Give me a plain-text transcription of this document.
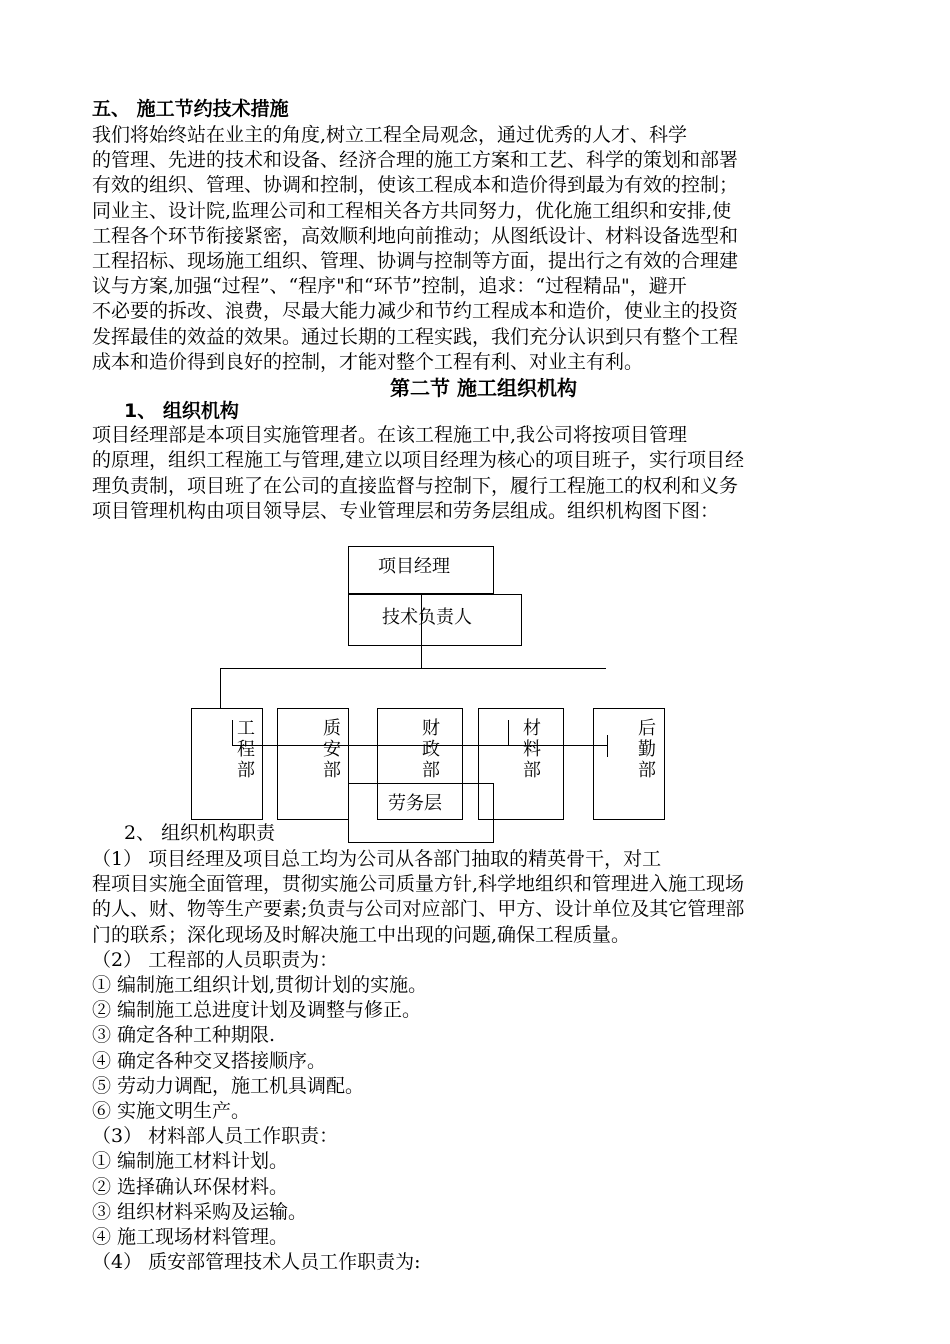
五、 施工节约技术措施
我们将始终站在业主的角度,树立工程全局观念，通过优秀的人才、科学
的管理、先进的技术和设备、经济合理的施工方案和工艺、科学的策划和部署
有效的组织、管理、协调和控制，使该工程成本和造价得到最为有效的控制；
同业主、设计院,监理公司和工程相关各方共同努力，优化施工组织和安排,使
工程各个环节衔接紧密，高效顺利地向前推动；从图纸设计、材料设备选型和
工程招标、现场施工组织、管理、协调与控制等方面，提出行之有效的合理建
议与方案,加强“过程”、“程序"和“环节”控制，追求：“过程精品"，避开
不必要的拆改、浪费，尽最大能力减少和节约工程成本和造价，使业主的投资
发挥最佳的效益的效果。通过长期的工程实践，我们充分认识到只有整个工程
成本和造价得到良好的控制，才能对整个工程有利、对业主有利。
第二节 施工组织机构
1、 组织机构
项目经理部是本项目实施管理者。在该工程施工中,我公司将按项目管理
的原理，组织工程施工与管理,建立以项目经理为核心的项目班子，实行项目经
理负责制，项目班了在公司的直接监督与控制下，履行工程施工的权利和义务
项目管理机构由项目领导层、专业管理层和劳务层组成。组织机构图下图：
项目经理
技术负责人
工
程
部
质
安
部
财
政
部
材
料
部
后
勤
部
劳务层
2、 组织机构职责
（1） 项目经理及项目总工均为公司从各部门抽取的精英骨干，对工
程项目实施全面管理，贯彻实施公司质量方针,科学地组织和管理进入施工现场
的人、财、物等生产要素;负责与公司对应部门、甲方、设计单位及其它管理部
门的联系；深化现场及时解决施工中出现的问题,确保工程质量。
（2） 工程部的人员职责为：
① 编制施工组织计划,贯彻计划的实施。
② 编制施工总进度计划及调整与修正。
③ 确定各种工种期限.
④ 确定各种交叉搭接顺序。
⑤ 劳动力调配，施工机具调配。
⑥ 实施文明生产。
（3） 材料部人员工作职责：
① 编制施工材料计划。
② 选择确认环保材料。
③ 组织材料采购及运输。
④ 施工现场材料管理。
（4） 质安部管理技术人员工作职责为:
